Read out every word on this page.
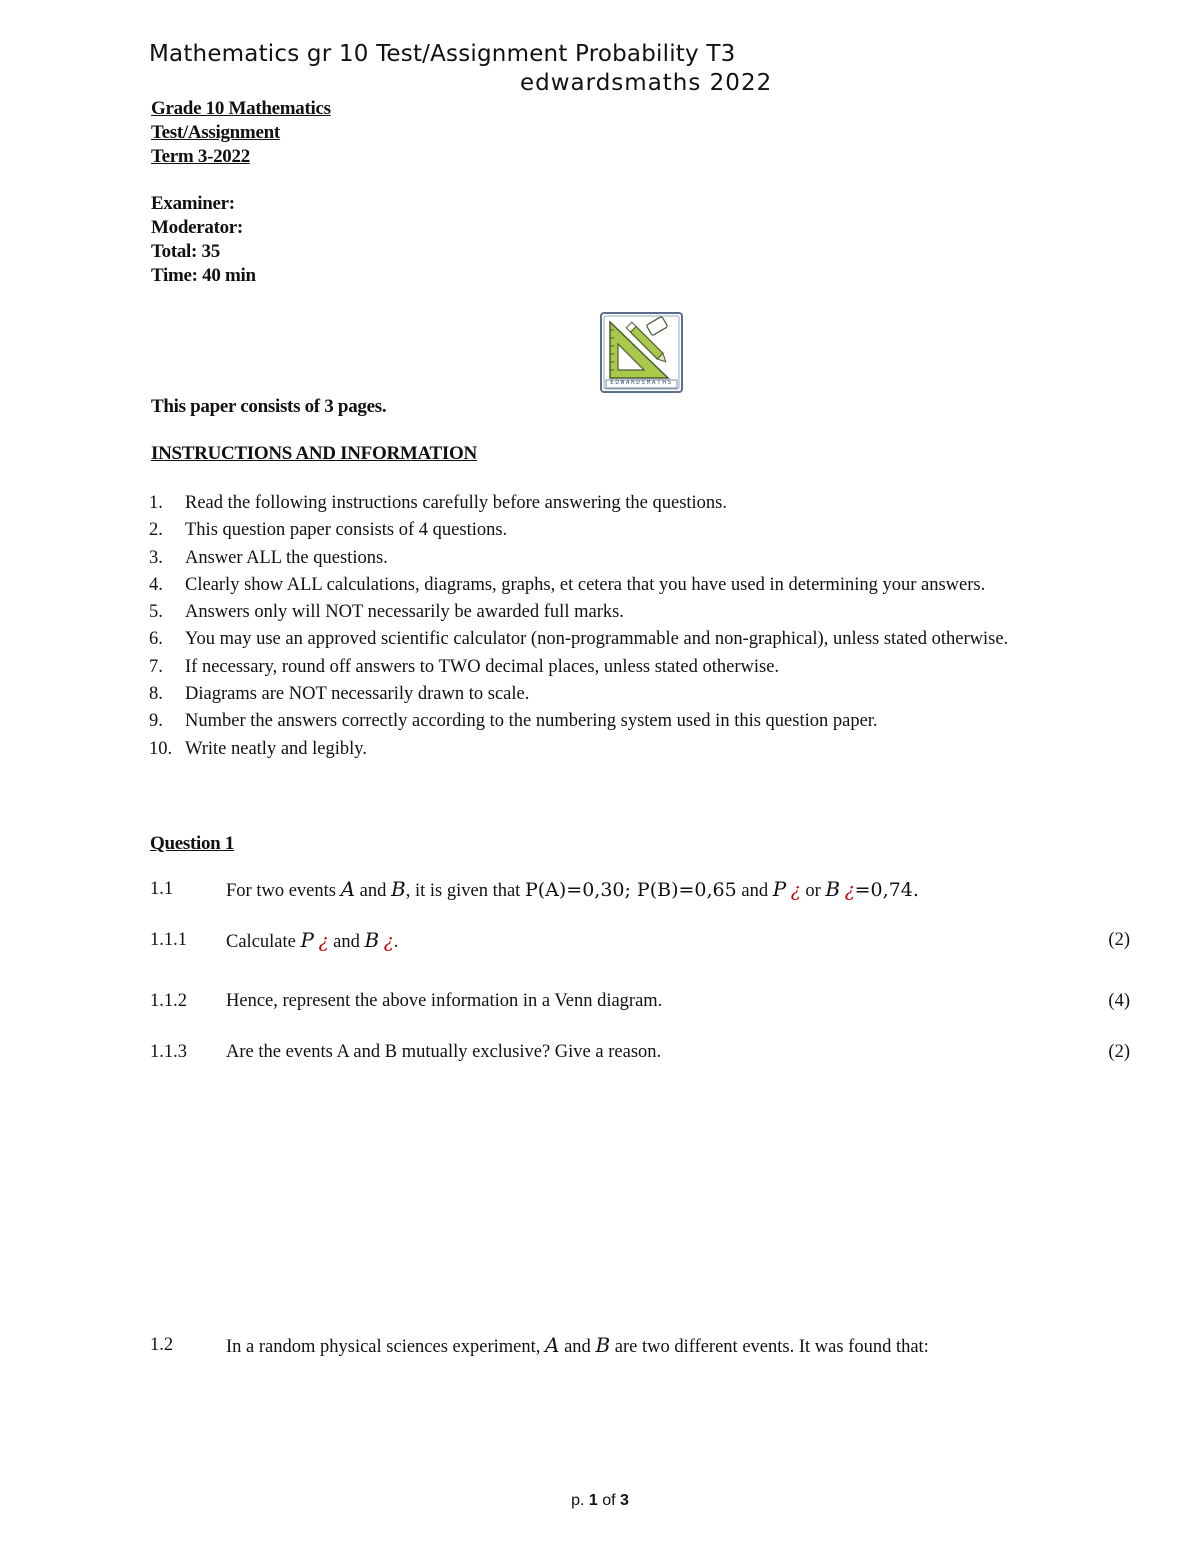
Mathematics gr 10 Test/Assignment Probability T3
edwardsmaths 2022
Grade 10 Mathematics
Test/Assignment
Term 3-2022
Examiner:
Moderator:
Total: 35
Time: 40 min
EDWARDSMATHS
This paper consists of 3 pages.
INSTRUCTIONS AND INFORMATION
1.	Read the following instructions carefully before answering the questions.
2.	This question paper consists of 4 questions.
3.	Answer ALL the questions.
4.	Clearly show ALL calculations, diagrams, graphs, et cetera that you have used in determining your answers.
5.	Answers only will NOT necessarily be awarded full marks.
6.	You may use an approved scientific calculator (non-programmable and non-graphical), unless stated otherwise.
7.	If necessary, round off answers to TWO decimal places, unless stated otherwise.
8.	Diagrams are NOT necessarily drawn to scale.
9.	Number the answers correctly according to the numbering system used in this question paper.
10. Write neatly and legibly.
Question 1
1.1	For two events A and B, it is given that P(A)=0,30; P(B)=0,65 and P ¿ or B ¿=0,74.
1.1.1 Calculate P ¿ and B ¿.	(2)
1.1.2 Hence, represent the above information in a Venn diagram.	(4)
1.1.3 Are the events A and B mutually exclusive? Give a reason.	(2)
1.2	In a random physical sciences experiment, A and B are two different events. It was found that:
p. 1 of 3
